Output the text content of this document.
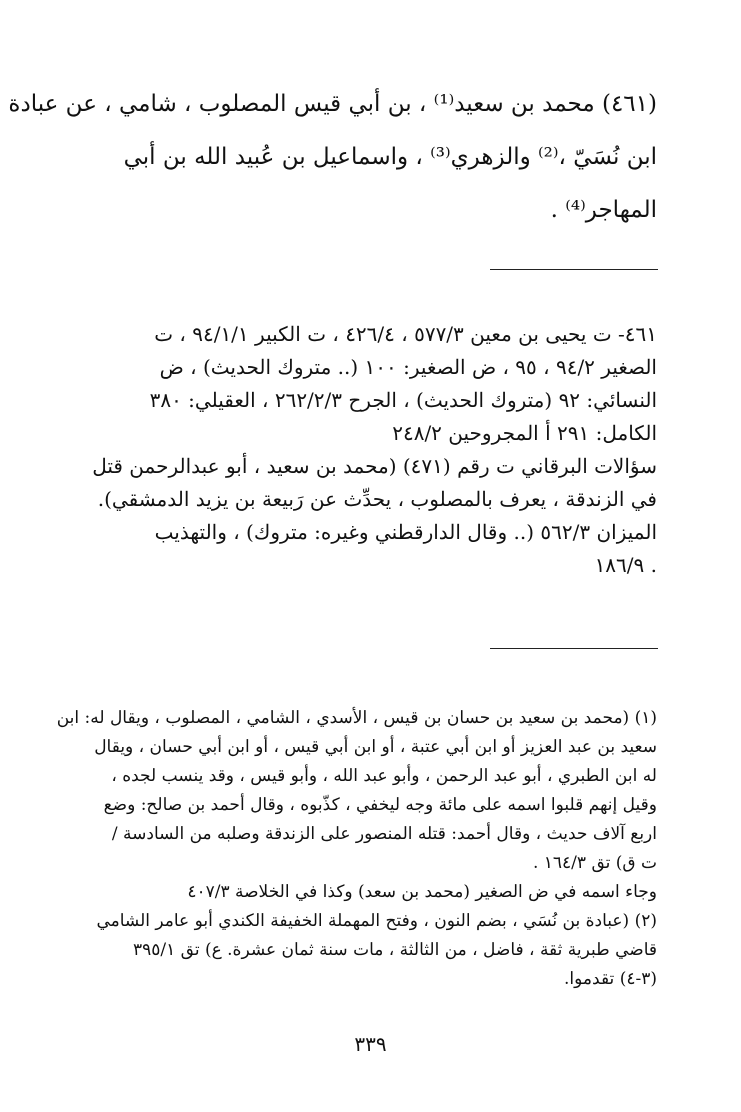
(٤٦١) محمد بن سعيد⁽¹⁾ ، بن أبي قيس المصلوب ، شامي ، عن عبادة
ابن نُسَيّ ،⁽²⁾ والزهري⁽³⁾ ، واسماعيل بن عُبيد الله بن أبي
المهاجر⁽⁴⁾ .
٤٦١- ت يحيى بن معين ٥٧٧/٣ ، ٤٢٦/٤ ، ت الكبير ٩٤/١/١ ، ت
الصغير ٩٤/٢ ، ٩٥ ، ض الصغير: ١٠٠ (.. متروك الحديث) ، ض
النسائي: ٩٢ (متروك الحديث) ، الجرح ٢٦٢/٢/٣ ، العقيلي: ٣٨٠
الكامل: ٢٩١ أ المجروحين ٢٤٨/٢
سؤالات البرقاني ت رقم (٤٧١) (محمد بن سعيد ، أبو عبدالرحمن قتل
في الزندقة ، يعرف بالمصلوب ، يحدِّث عن رَبيعة بن يزيد الدمشقي).
الميزان ٥٦٢/٣ (.. وقال الدارقطني وغيره: متروك) ، والتهذيب
. ١٨٦/٩
(١) (محمد بن سعيد بن حسان بن قيس ، الأسدي ، الشامي ، المصلوب ، ويقال له: ابن
سعيد بن عبد العزيز أو ابن أبي عتبة ، أو ابن أبي قيس ، أو ابن أبي حسان ، ويقال
له ابن الطبري ، أبو عبد الرحمن ، وأبو عبد الله ، وأبو قيس ، وقد ينسب لجده ،
وقيل إنهم قلبوا اسمه على مائة وجه ليخفي ، كذّبوه ، وقال أحمد بن صالح: وضع
اربع آلاف حديث ، وقال أحمد: قتله المنصور على الزندقة وصلبه من السادسة /
ت ق) تق ١٦٤/٣ .
وجاء اسمه في ض الصغير (محمد بن سعد) وكذا في الخلاصة ٤٠٧/٣
(٢) (عبادة بن نُسَي ، بضم النون ، وفتح المهملة الخفيفة الكندي أبو عامر الشامي
قاضي طبرية ثقة ، فاضل ، من الثالثة ، مات سنة ثمان عشرة. ع) تق ٣٩٥/١
(٣-٤) تقدموا.
٣٣٩
